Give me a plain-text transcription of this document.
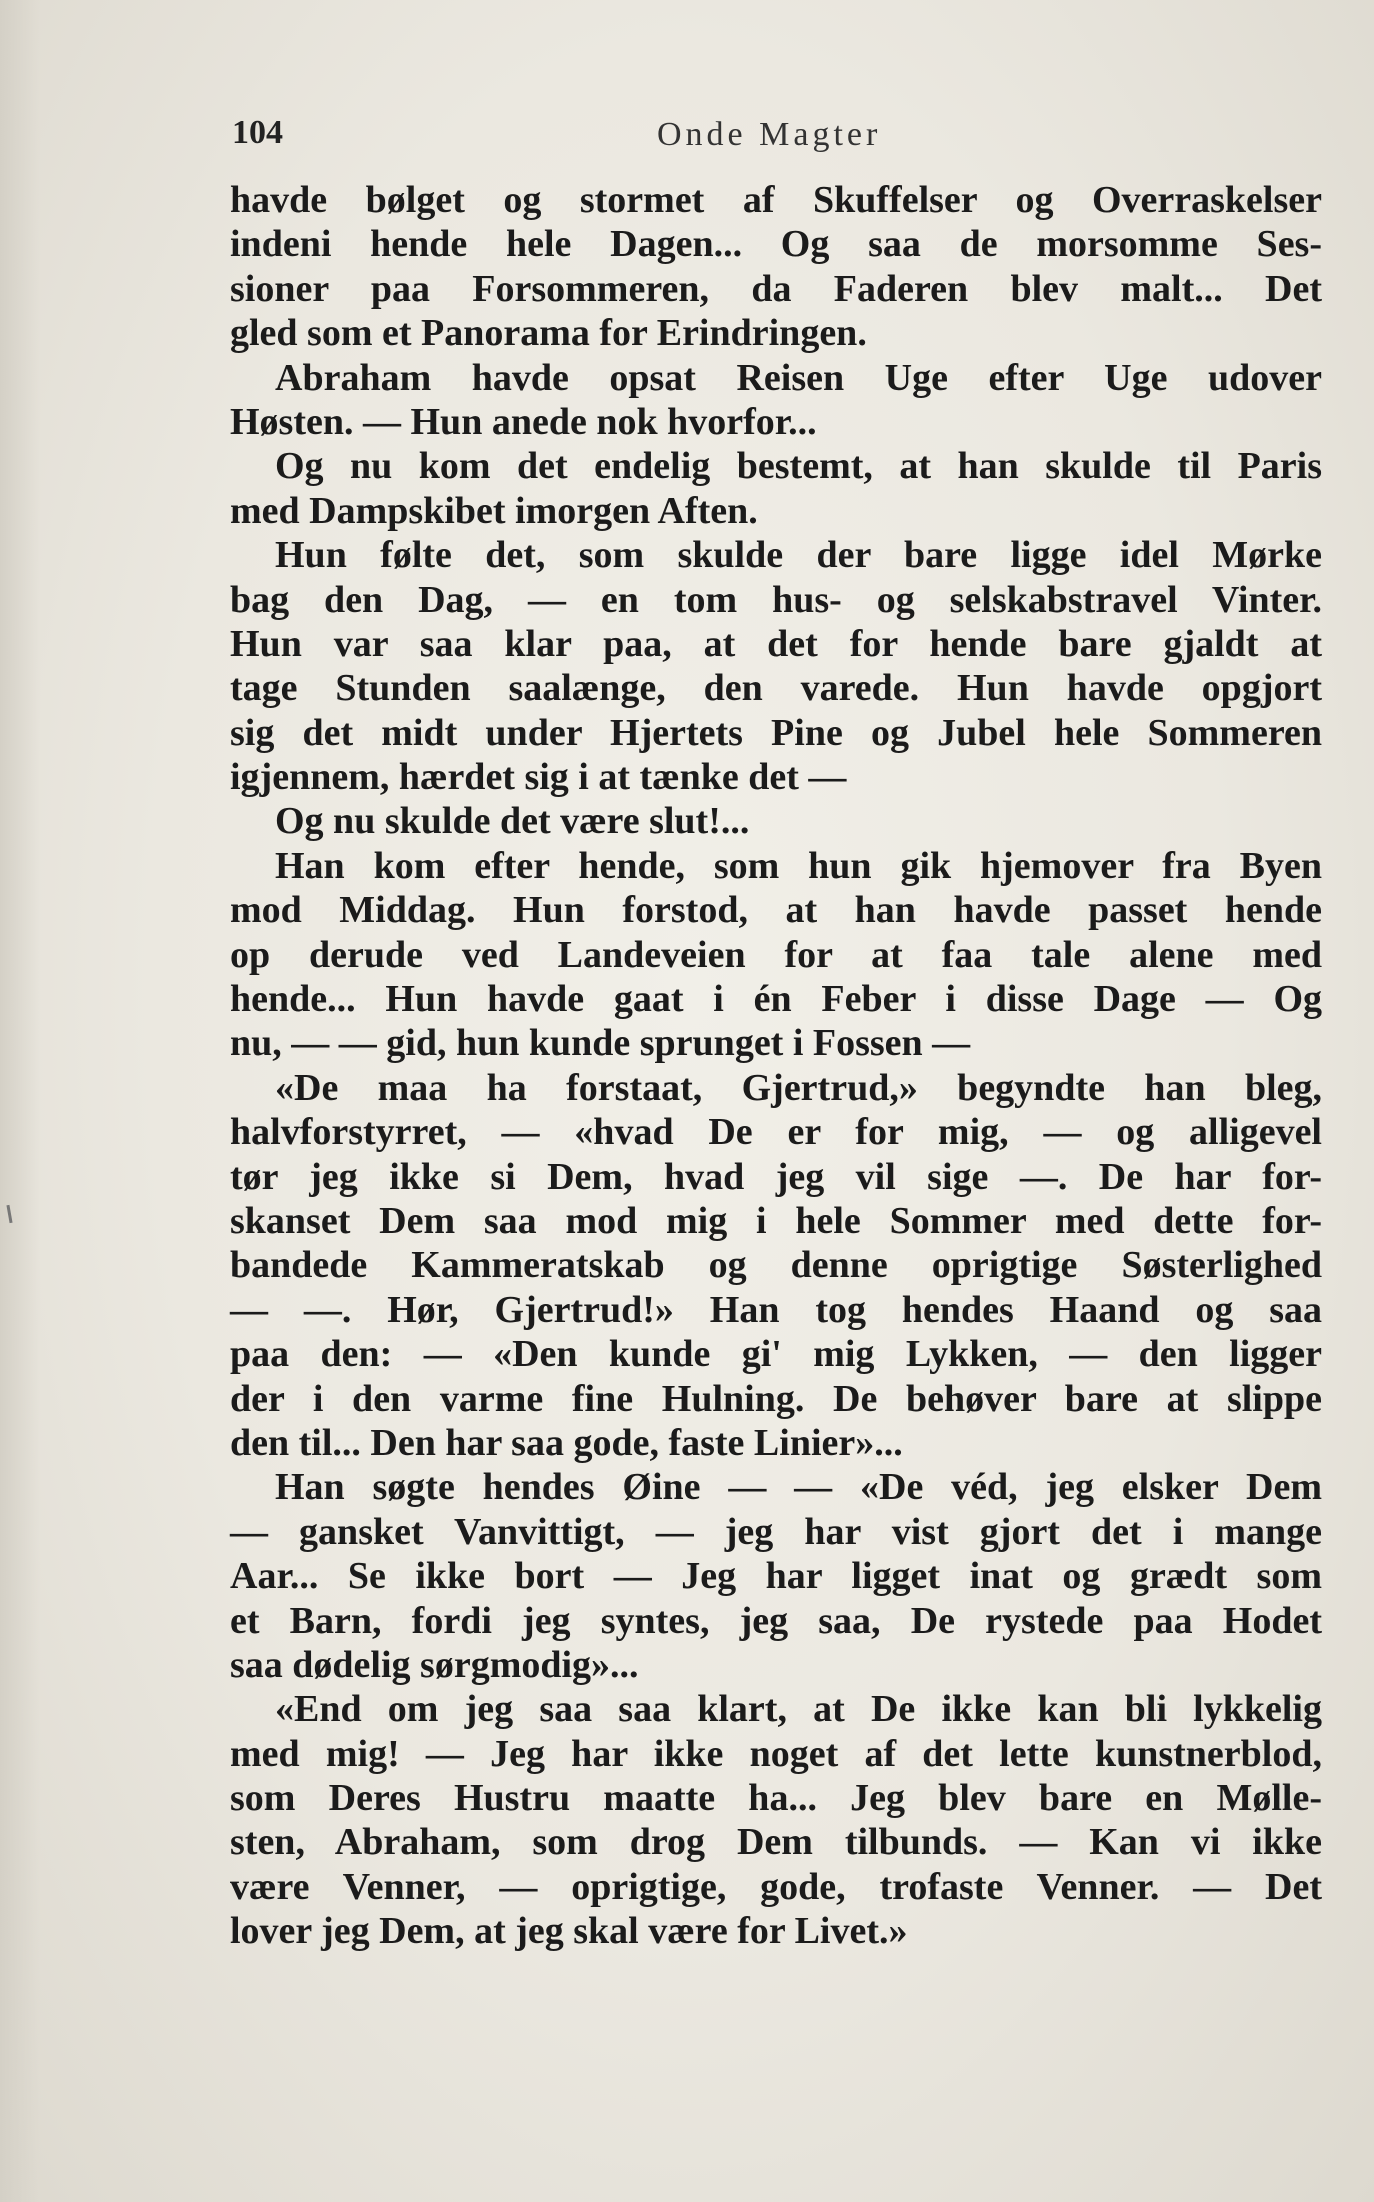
104	Onde Magter
havde bølget og stormet af Skuffelser og Overraskelser
indeni hende hele Dagen... Og saa de morsomme Ses-
sioner paa Forsommeren, da Faderen blev malt... Det
gled som et Panorama for Erindringen.
Abraham havde opsat Reisen Uge efter Uge udover
Høsten. — Hun anede nok hvorfor...
Og nu kom det endelig bestemt, at han skulde til Paris
med Dampskibet imorgen Aften.
Hun følte det, som skulde der bare ligge idel Mørke
bag den Dag, — en tom hus- og selskabstravel Vinter.
Hun var saa klar paa, at det for hende bare gjaldt at
tage Stunden saalænge, den varede. Hun havde opgjort
sig det midt under Hjertets Pine og Jubel hele Sommeren
igjennem, hærdet sig i at tænke det —
Og nu skulde det være slut!...
Han kom efter hende, som hun gik hjemover fra Byen
mod Middag. Hun forstod, at han havde passet hende
op derude ved Landeveien for at faa tale alene med
hende... Hun havde gaat i én Feber i disse Dage — Og
nu, — — gid, hun kunde sprunget i Fossen —
«De maa ha forstaat, Gjertrud,» begyndte han bleg,
halvforstyrret, — «hvad De er for mig, — og alligevel
tør jeg ikke si Dem, hvad jeg vil sige —. De har for-
skanset Dem saa mod mig i hele Sommer med dette for-
bandede Kammeratskab og denne oprigtige Søsterlighed
— —. Hør, Gjertrud!» Han tog hendes Haand og saa
paa den: — «Den kunde gi' mig Lykken, — den ligger
der i den varme fine Hulning. De behøver bare at slippe
den til... Den har saa gode, faste Linier»...
Han søgte hendes Øine — — «De véd, jeg elsker Dem
— gansket Vanvittigt, — jeg har vist gjort det i mange
Aar... Se ikke bort — Jeg har ligget inat og grædt som
et Barn, fordi jeg syntes, jeg saa, De rystede paa Hodet
saa dødelig sørgmodig»...
«End om jeg saa saa klart, at De ikke kan bli lykkelig
med mig! — Jeg har ikke noget af det lette kunstnerblod,
som Deres Hustru maatte ha... Jeg blev bare en Mølle-
sten, Abraham, som drog Dem tilbunds. — Kan vi ikke
være Venner, — oprigtige, gode, trofaste Venner. — Det
lover jeg Dem, at jeg skal være for Livet.»
